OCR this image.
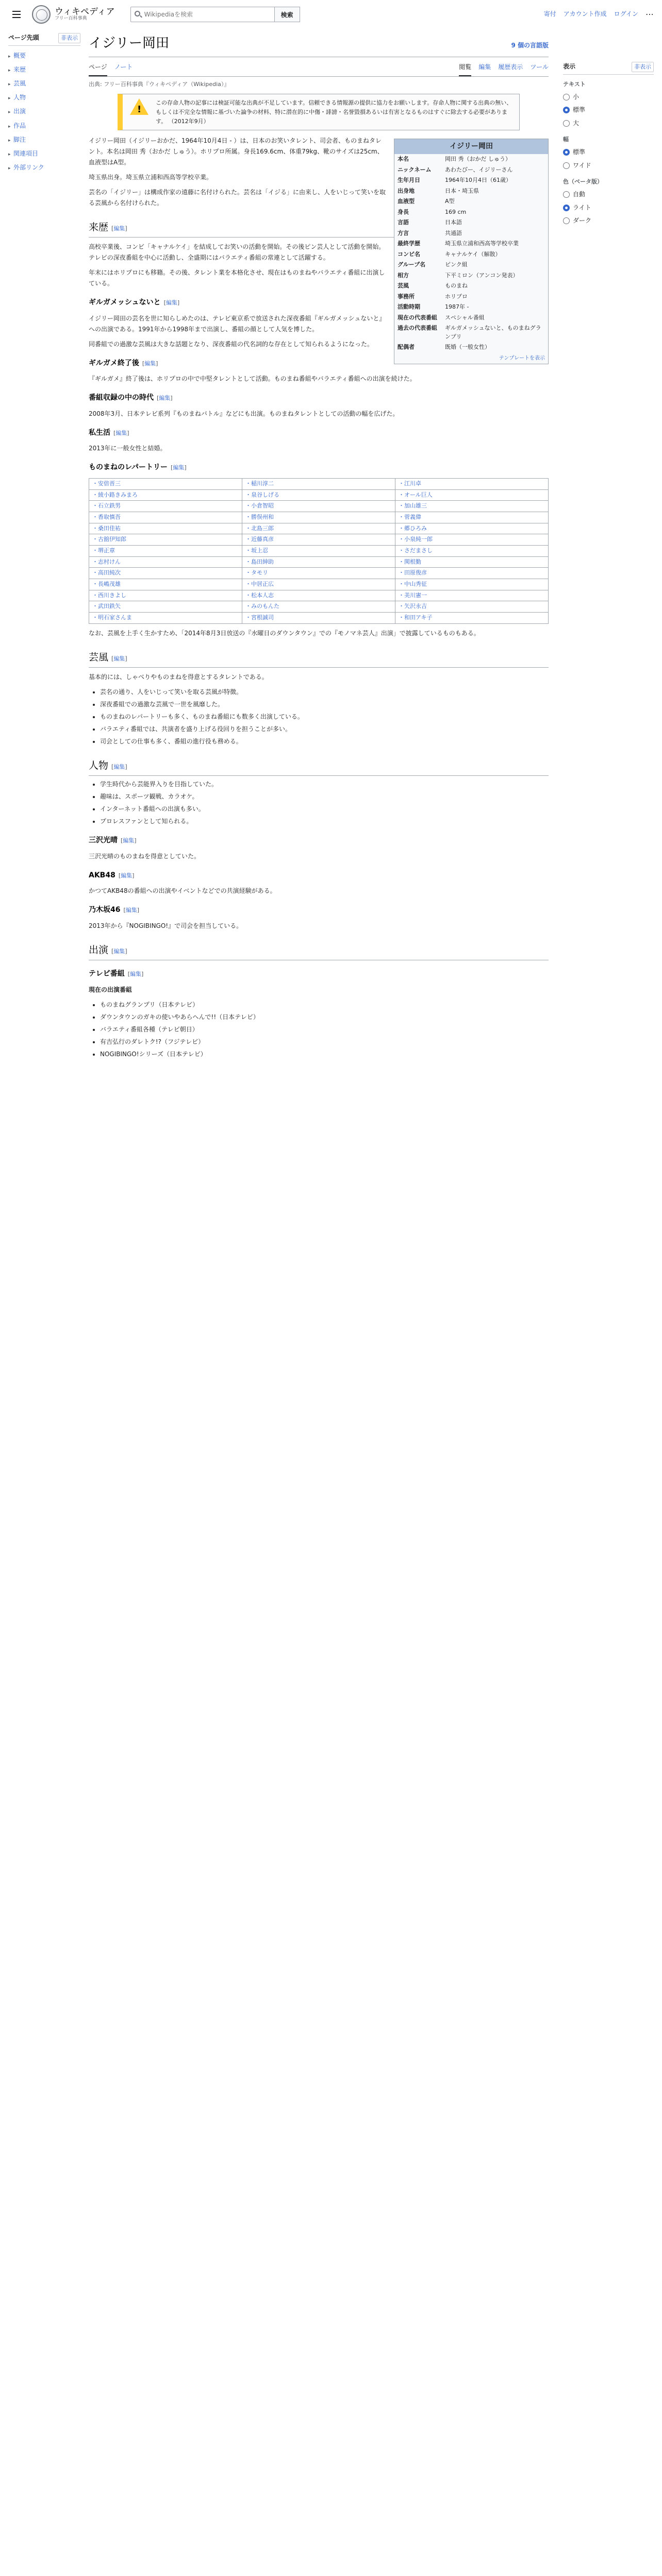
ウィキペディア
フリー百科事典
Wikipediaを検索
検索	寄付 アカウント作成 ログイン ⋯
ページ先頭	非表示
▸ 概要
▸ 来歴
▸ 芸風
▸ 人物
▸ 出演
▸ 作品
▸ 脚注
▸ 関連項目
▸ 外部リンク
イジリー岡田	9 個の言語版
ページ ノート	閲覧 編集 履歴表示 ツール
出典: フリー百科事典『ウィキペディア（Wikipedia）』
!

この存命人物の記事には検証可能な出典が不足しています。信頼できる情報源の提供に協力をお願いします。存命人物に関する出典の無い、もしくは不完全な情報に基づいた論争の材料、特に潜在的に中傷・誹謗・名誉毀損あるいは有害となるものはすぐに除去する必要があります。 （2012年9月）

イジリー岡田
本名	岡田 秀（おかだ しゅう）
ニックネーム	あわたびー、イジリーさん
生年月日	1964年10月4日（61歳）
出身地	日本・埼玉県
血液型	A型
身長	169 cm
言語	日本語
方言	共通語
最終学歴	埼玉県立浦和西高等学校卒業
コンビ名	キャナルケイ（解散）
グループ名	ピンク組
相方	下平ミロン（アンコン発表）
芸風	ものまね
事務所	ホリプロ
活動時期	1987年 -
現在の代表番組	スペシャル番組
過去の代表番組	ギルガメッシュないと、ものまねグランプリ
配偶者	既婚（一般女性）
テンプレートを表示

イジリー岡田（イジリーおかだ、1964年10月4日 - ）は、日本のお笑いタレント、司会者、ものまねタレント。本名は岡田 秀（おかだ しゅう）。ホリプロ所属。身長169.6cm、体重79kg、靴のサイズは25cm、血液型はA型。

埼玉県出身。埼玉県立浦和西高等学校卒業。

芸名の「イジリー」は構成作家の遠藤に名付けられた。芸名は「イジる」に由来し、人をいじって笑いを取る芸風から名付けられた。

来歴 [編集]

高校卒業後、コンビ「キャナルケイ」を結成してお笑いの活動を開始。その後ピン芸人として活動を開始。テレビの深夜番組を中心に活動し、全盛期にはバラエティ番組の常連として活躍する。

年末にはホリプロにも移籍。その後、タレント業を本格化させ、現在はものまねやバラエティ番組に出演している。

ギルガメッシュないと [編集]

イジリー岡田の芸名を世に知らしめたのは、テレビ東京系で放送された深夜番組『ギルガメッシュないと』への出演である。1991年から1998年まで出演し、番組の顔として人気を博した。

同番組での過激な芸風は大きな話題となり、深夜番組の代名詞的な存在として知られるようになった。

ギルガメ終了後 [編集]

『ギルガメ』終了後は、ホリプロの中で中堅タレントとして活動。ものまね番組やバラエティ番組への出演を続けた。

番組収録の中の時代 [編集]

2008年3月、日本テレビ系列『ものまねバトル』などにも出演。ものまねタレントとしての活動の幅を広げた。

私生活 [編集]

2013年に一般女性と結婚。

ものまねのレパートリー [編集]
・安倍晋三	・稲川淳二	・江川卓
・綾小路きみまろ	・泉谷しげる	・オール巨人
・石立鉄男	・小倉智昭	・加山雄三
・香取慎吾	・勝俣州和	・菅義偉
・桑田佳祐	・北島三郎	・郷ひろみ
・古舘伊知郎	・近藤真彦	・小泉純一郎
・堺正章	・坂上忍	・さだまさし
・志村けん	・島田紳助	・関根勤
・高田純次	・タモリ	・田原俊彦
・長嶋茂雄	・中居正広	・中山秀征
・西川きよし	・松本人志	・美川憲一
・武田鉄矢	・みのもんた	・矢沢永吉
・明石家さんま	・宮根誠司	・和田アキ子

なお、芸風を上手く生かすため、「2014年8月3日放送の『水曜日のダウンタウン』での『モノマネ芸人』出演」で披露しているものもある。

芸風 [編集]

基本的には、しゃべりやものまねを得意とするタレントである。

• 芸名の通り、人をいじって笑いを取る芸風が特徴。
• 深夜番組での過激な芸風で一世を風靡した。
• ものまねのレパートリーも多く、ものまね番組にも数多く出演している。
• バラエティ番組では、共演者を盛り上げる役回りを担うことが多い。
• 司会としての仕事も多く、番組の進行役も務める。
人物 [編集]
• 学生時代から芸能界入りを目指していた。
• 趣味は、スポーツ観戦、カラオケ。
• インターネット番組への出演も多い。
• プロレスファンとして知られる。
三沢光晴 [編集]

三沢光晴のものまねを得意としていた。

AKB48 [編集]

かつてAKB48の番組への出演やイベントなどでの共演経験がある。

乃木坂46 [編集]

2013年から『NOGIBINGO!』で司会を担当している。

出演 [編集]
テレビ番組 [編集]

現在の出演番組

• ものまねグランプリ（日本テレビ）
• ダウンタウンのガキの使いやあらへんで!!（日本テレビ）
• バラエティ番組各種（テレビ朝日）
• 有吉弘行のダレトク!?（フジテレビ）
• NOGIBINGO!シリーズ（日本テレビ）
表示	非表示
テキスト
小
標準
大
幅
標準
ワイド
色（ベータ版）
自動
ライト
ダーク
